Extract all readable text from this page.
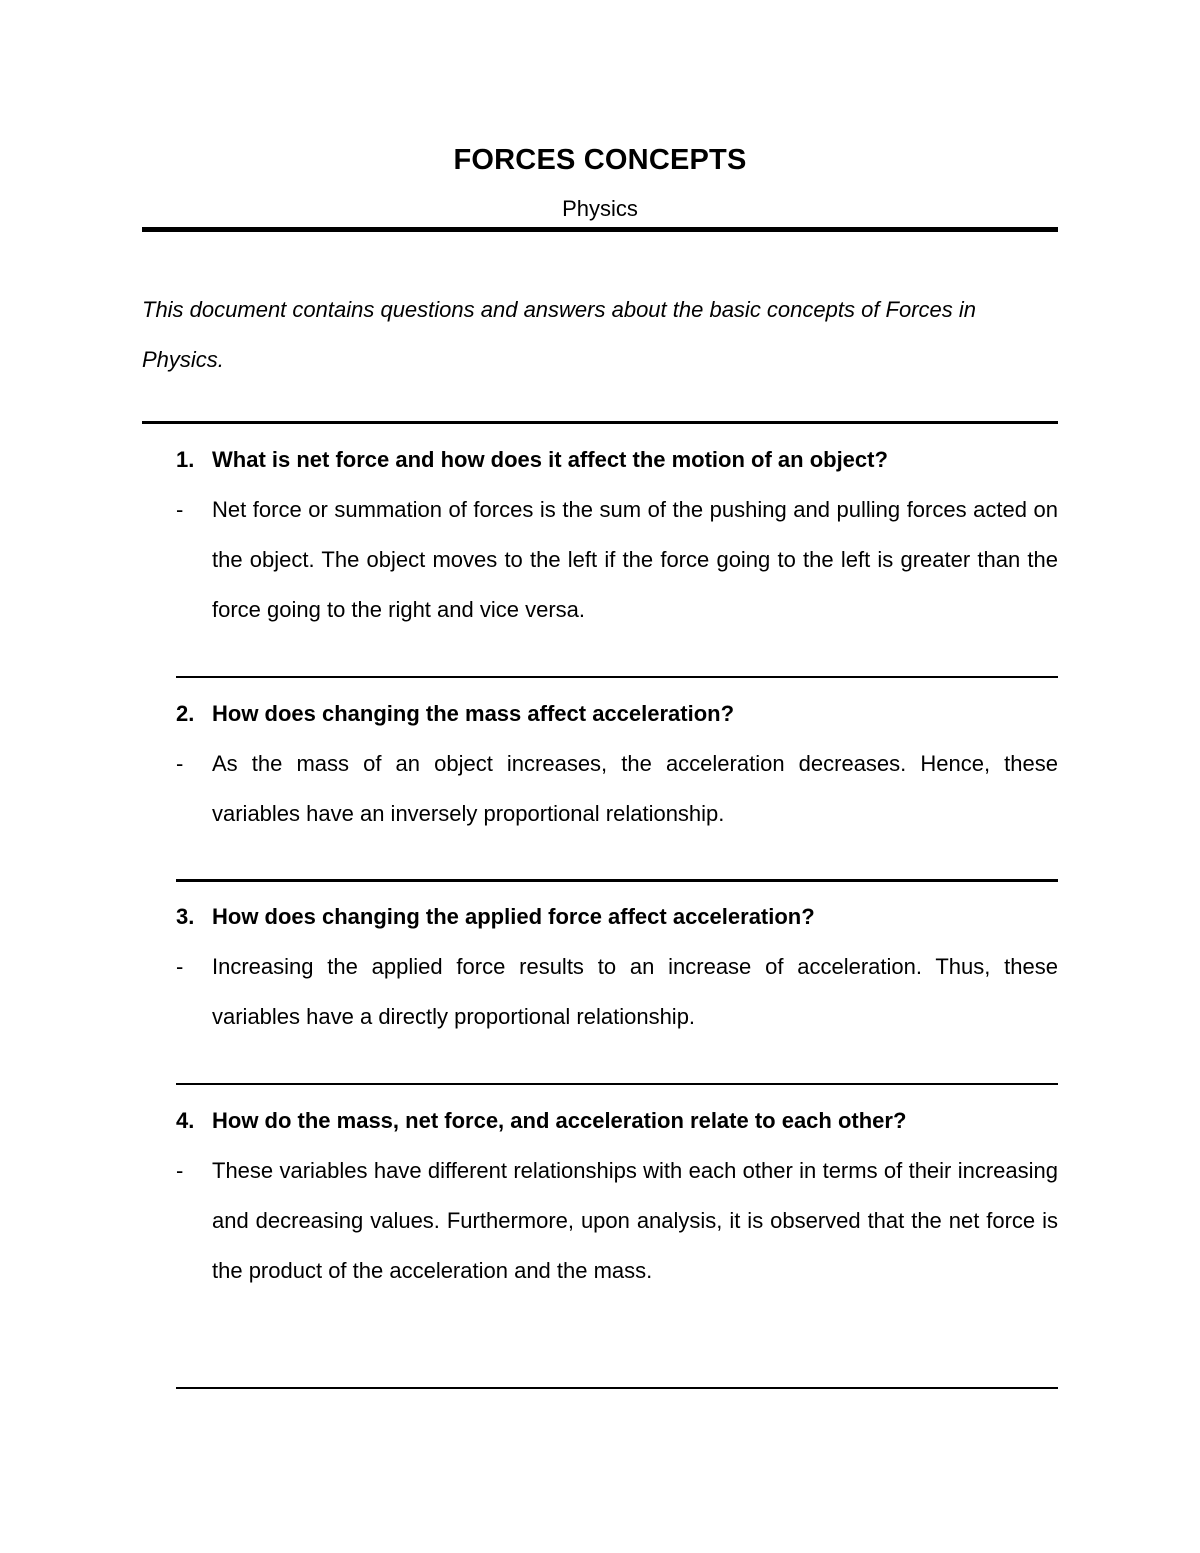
FORCES CONCEPTS
Physics
This document contains questions and answers about the basic concepts of Forces in Physics.
1. What is net force and how does it affect the motion of an object?
- Net force or summation of forces is the sum of the pushing and pulling forces acted on the object. The object moves to the left if the force going to the left is greater than the force going to the right and vice versa.
2. How does changing the mass affect acceleration?
- As the mass of an object increases, the acceleration decreases. Hence, these variables have an inversely proportional relationship.
3. How does changing the applied force affect acceleration?
- Increasing the applied force results to an increase of acceleration. Thus, these variables have a directly proportional relationship.
4. How do the mass, net force, and acceleration relate to each other?
- These variables have different relationships with each other in terms of their increasing and decreasing values. Furthermore, upon analysis, it is observed that the net force is the product of the acceleration and the mass.
